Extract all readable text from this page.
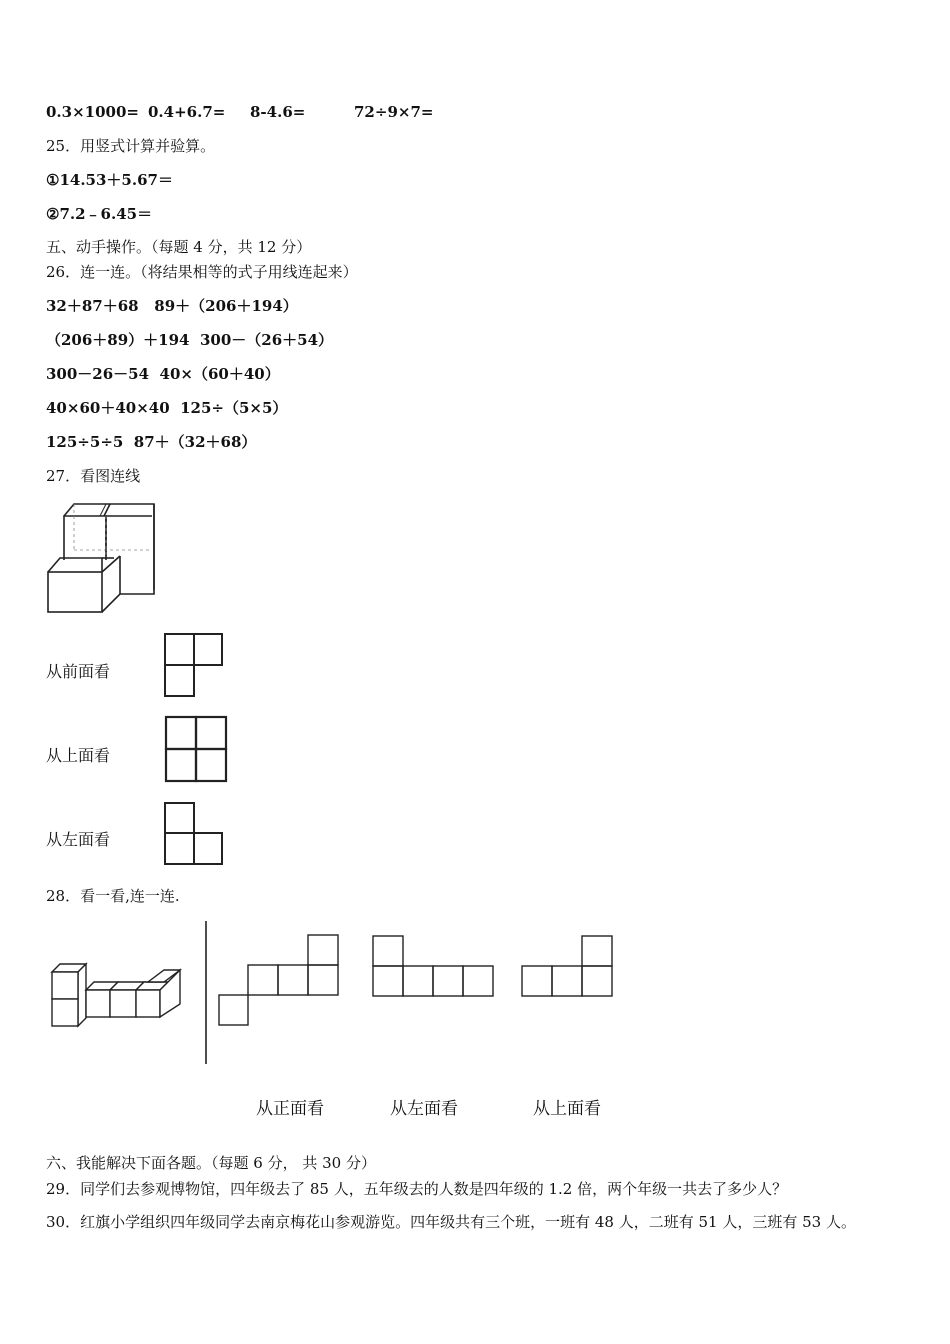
0.3×1000= 0.4+6.7= 8-4.6=	72÷9×7=
25．用竖式计算并验算。
①14.53＋5.67＝
②7.2﹣6.45＝
五、动手操作。（每题 4 分，共 12 分）
26．连一连。（将结果相等的式子用线连起来）
32＋87＋68 89＋（206＋194）
（206＋89）＋194 300－（26＋54）
300－26－54 40×（60＋40）
40×60＋40×40 125÷（5×5）
125÷5÷5 87＋（32＋68）
27．看图连线
从前面看
从上面看
从左面看
28．看一看,连一连.
从正面看	从左面看	从上面看
六、我能解决下面各题。（每题 6 分， 共 30 分）
29．同学们去参观博物馆，四年级去了 85 人，五年级去的人数是四年级的 1.2 倍，两个年级一共去了多少人？
30．红旗小学组织四年级同学去南京梅花山参观游览。四年级共有三个班，一班有 48 人，二班有 51 人，三班有 53 人。
